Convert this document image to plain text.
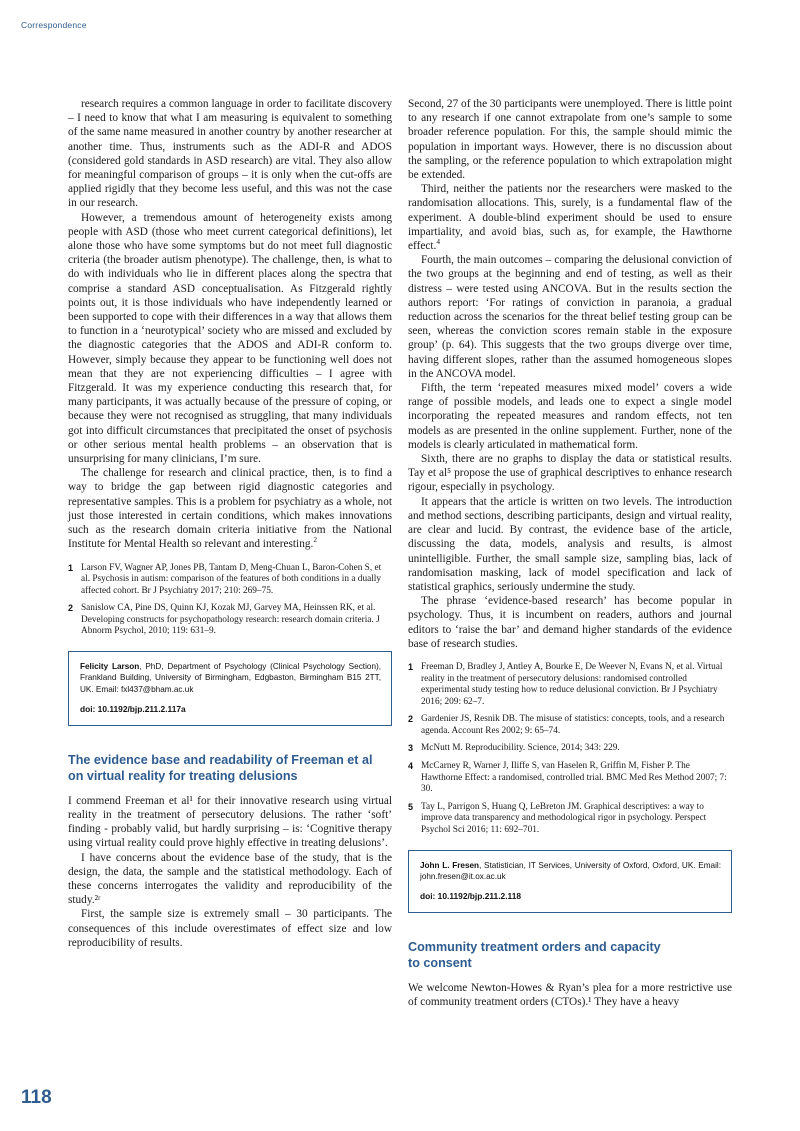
Correspondence

research requires a common language in order to facilitate discovery – I need to know that what I am measuring is equivalent to something of the same name measured in another country by another researcher at another time. Thus, instruments such as the ADI-R and ADOS (considered gold standards in ASD research) are vital. They also allow for meaningful comparison of groups – it is only when the cut-offs are applied rigidly that they become less useful, and this was not the case in our research.

However, a tremendous amount of heterogeneity exists among people with ASD (those who meet current categorical definitions), let alone those who have some symptoms but do not meet full diagnostic criteria (the broader autism phenotype). The challenge, then, is what to do with individuals who lie in different places along the spectra that comprise a standard ASD conceptualisation. As Fitzgerald rightly points out, it is those individuals who have independently learned or been supported to cope with their differences in a way that allows them to function in a ‘neurotypical’ society who are missed and excluded by the diagnostic categories that the ADOS and ADI-R conform to. However, simply because they appear to be functioning well does not mean that they are not experiencing difficulties – I agree with Fitzgerald. It was my experience conducting this research that, for many participants, it was actually because of the pressure of coping, or because they were not recognised as struggling, that many individuals got into difficult circumstances that precipitated the onset of psychosis or other serious mental health problems – an observation that is unsurprising for many clinicians, I’m sure.

The challenge for research and clinical practice, then, is to find a way to bridge the gap between rigid diagnostic categories and representative samples. This is a problem for psychiatry as a whole, not just those interested in certain conditions, which makes innovations such as the research domain criteria initiative from the National Institute for Mental Health so relevant and interesting.$^2$

1 Larson FV, Wagner AP, Jones PB, Tantam D, Meng-Chuan L, Baron-Cohen S, et al. Psychosis in autism: comparison of the features of both conditions in a dually affected cohort. Br J Psychiatry 2017; 210: 269–75.
2 Sanislow CA, Pine DS, Quinn KJ, Kozak MJ, Garvey MA, Heinssen RK, et al. Developing constructs for psychopathology research: research domain criteria. J Abnorm Psychol, 2010; 119: 631–9.
Felicity Larson, PhD, Department of Psychology (Clinical Psychology Section), Frankland Building, University of Birmingham, Edgbaston, Birmingham B15 2TT, UK. Email: fxl437@bham.ac.uk
doi: 10.1192/bjp.211.2.117a
The evidence base and readability of Freeman et al
on virtual reality for treating delusions

I commend Freeman et al¹ for their innovative research using virtual reality in the treatment of persecutory delusions. The rather ‘soft’ finding - probably valid, but hardly surprising – is: ‘Cognitive therapy using virtual reality could prove highly effective in treating delusions’.

I have concerns about the evidence base of the study, that is the design, the data, the sample and the statistical methodology. Each of these concerns interrogates the validity and reproducibility of the study.²ʳ

First, the sample size is extremely small – 30 participants. The consequences of this include overestimates of effect size and low reproducibility of results.

Second, 27 of the 30 participants were unemployed. There is little point to any research if one cannot extrapolate from one’s sample to some broader reference population. For this, the sample should mimic the population in important ways. However, there is no discussion about the sampling, or the reference population to which extrapolation might be extended.

Third, neither the patients nor the researchers were masked to the randomisation allocations. This, surely, is a fundamental flaw of the experiment. A double-blind experiment should be used to ensure impartiality, and avoid bias, such as, for example, the Hawthorne effect.$^4$

Fourth, the main outcomes – comparing the delusional conviction of the two groups at the beginning and end of testing, as well as their distress – were tested using ANCOVA. But in the results section the authors report: ‘For ratings of conviction in paranoia, a gradual reduction across the scenarios for the threat belief testing group can be seen, whereas the conviction scores remain stable in the exposure group’ (p. 64). This suggests that the two groups diverge over time, having different slopes, rather than the assumed homogeneous slopes in the ANCOVA model.

Fifth, the term ‘repeated measures mixed model’ covers a wide range of possible models, and leads one to expect a single model incorporating the repeated measures and random effects, not ten models as are presented in the online supplement. Further, none of the models is clearly articulated in mathematical form.

Sixth, there are no graphs to display the data or statistical results. Tay et al⁵ propose the use of graphical descriptives to enhance research rigour, especially in psychology.

It appears that the article is written on two levels. The introduction and method sections, describing participants, design and virtual reality, are clear and lucid. By contrast, the evidence base of the article, discussing the data, models, analysis and results, is almost unintelligible. Further, the small sample size, sampling bias, lack of randomisation masking, lack of model specification and lack of statistical graphics, seriously undermine the study.

The phrase ‘evidence-based research’ has become popular in psychology. Thus, it is incumbent on readers, authors and journal editors to ‘raise the bar’ and demand higher standards of the evidence base of research studies.

1 Freeman D, Bradley J, Antley A, Bourke E, De Weever N, Evans N, et al. Virtual reality in the treatment of persecutory delusions: randomised controlled experimental study testing how to reduce delusional conviction. Br J Psychiatry 2016; 209: 62–7.
2 Gardenier JS, Resnik DB. The misuse of statistics: concepts, tools, and a research agenda. Account Res 2002; 9: 65–74.
3 McNutt M. Reproducibility. Science, 2014; 343: 229.
4 McCarney R, Warner J, Iliffe S, van Haselen R, Griffin M, Fisher P. The Hawthorne Effect: a randomised, controlled trial. BMC Med Res Method 2007; 7: 30.
5 Tay L, Parrigon S, Huang Q, LeBreton JM. Graphical descriptives: a way to improve data transparency and methodological rigor in psychology. Perspect Psychol Sci 2016; 11: 692–701.
John L. Fresen, Statistician, IT Services, University of Oxford, Oxford, UK. Email: john.fresen@it.ox.ac.uk
doi: 10.1192/bjp.211.2.118
Community treatment orders and capacity
to consent

We welcome Newton-Howes & Ryan’s plea for a more restrictive use of community treatment orders (CTOs).¹ They have a heavy

118
